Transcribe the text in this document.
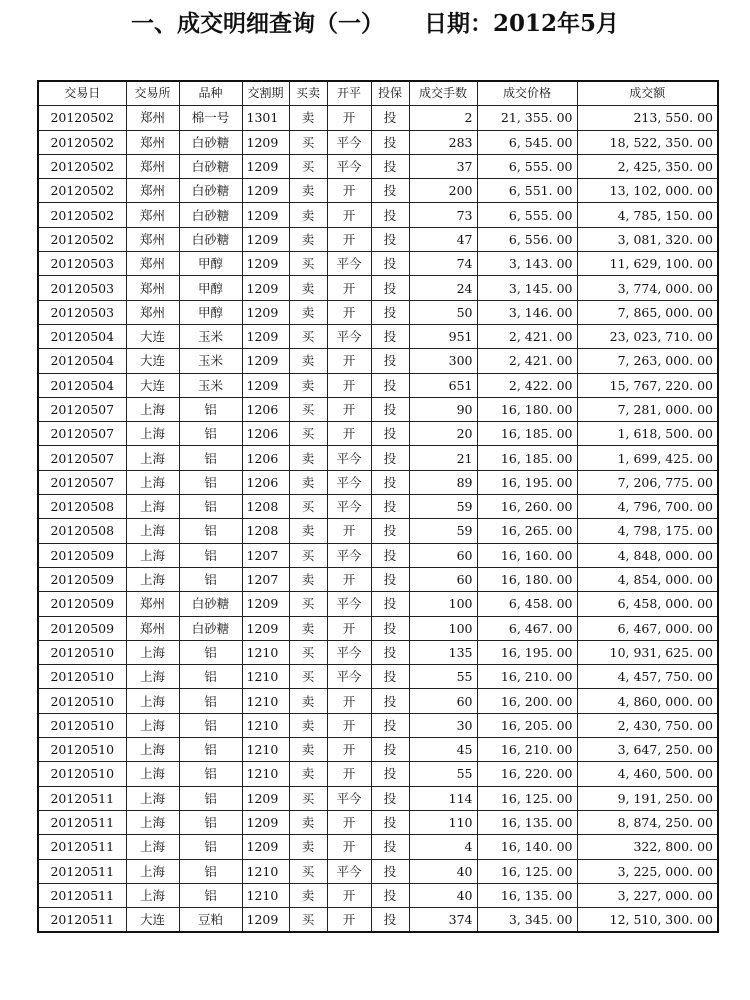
一、成交明细查询（一） 日期：2012年5月
交易日	交易所	品种	交割期	买卖	开平	投保	成交手数	成交价格	成交额
20120502	郑州	棉一号	1301	卖	开	投	2	21, 355. 00	213, 550. 00
20120502	郑州	白砂糖	1209	买	平今	投	283	6, 545. 00	18, 522, 350. 00
20120502	郑州	白砂糖	1209	买	平今	投	37	6, 555. 00	2, 425, 350. 00
20120502	郑州	白砂糖	1209	卖	开	投	200	6, 551. 00	13, 102, 000. 00
20120502	郑州	白砂糖	1209	卖	开	投	73	6, 555. 00	4, 785, 150. 00
20120502	郑州	白砂糖	1209	卖	开	投	47	6, 556. 00	3, 081, 320. 00
20120503	郑州	甲醇	1209	买	平今	投	74	3, 143. 00	11, 629, 100. 00
20120503	郑州	甲醇	1209	卖	开	投	24	3, 145. 00	3, 774, 000. 00
20120503	郑州	甲醇	1209	卖	开	投	50	3, 146. 00	7, 865, 000. 00
20120504	大连	玉米	1209	买	平今	投	951	2, 421. 00	23, 023, 710. 00
20120504	大连	玉米	1209	卖	开	投	300	2, 421. 00	7, 263, 000. 00
20120504	大连	玉米	1209	卖	开	投	651	2, 422. 00	15, 767, 220. 00
20120507	上海	铝	1206	买	开	投	90	16, 180. 00	7, 281, 000. 00
20120507	上海	铝	1206	买	开	投	20	16, 185. 00	1, 618, 500. 00
20120507	上海	铝	1206	卖	平今	投	21	16, 185. 00	1, 699, 425. 00
20120507	上海	铝	1206	卖	平今	投	89	16, 195. 00	7, 206, 775. 00
20120508	上海	铝	1208	买	平今	投	59	16, 260. 00	4, 796, 700. 00
20120508	上海	铝	1208	卖	开	投	59	16, 265. 00	4, 798, 175. 00
20120509	上海	铝	1207	买	平今	投	60	16, 160. 00	4, 848, 000. 00
20120509	上海	铝	1207	卖	开	投	60	16, 180. 00	4, 854, 000. 00
20120509	郑州	白砂糖	1209	买	平今	投	100	6, 458. 00	6, 458, 000. 00
20120509	郑州	白砂糖	1209	卖	开	投	100	6, 467. 00	6, 467, 000. 00
20120510	上海	铝	1210	买	平今	投	135	16, 195. 00	10, 931, 625. 00
20120510	上海	铝	1210	买	平今	投	55	16, 210. 00	4, 457, 750. 00
20120510	上海	铝	1210	卖	开	投	60	16, 200. 00	4, 860, 000. 00
20120510	上海	铝	1210	卖	开	投	30	16, 205. 00	2, 430, 750. 00
20120510	上海	铝	1210	卖	开	投	45	16, 210. 00	3, 647, 250. 00
20120510	上海	铝	1210	卖	开	投	55	16, 220. 00	4, 460, 500. 00
20120511	上海	铝	1209	买	平今	投	114	16, 125. 00	9, 191, 250. 00
20120511	上海	铝	1209	卖	开	投	110	16, 135. 00	8, 874, 250. 00
20120511	上海	铝	1209	卖	开	投	4	16, 140. 00	322, 800. 00
20120511	上海	铝	1210	买	平今	投	40	16, 125. 00	3, 225, 000. 00
20120511	上海	铝	1210	卖	开	投	40	16, 135. 00	3, 227, 000. 00
20120511	大连	豆粕	1209	买	开	投	374	3, 345. 00	12, 510, 300. 00
